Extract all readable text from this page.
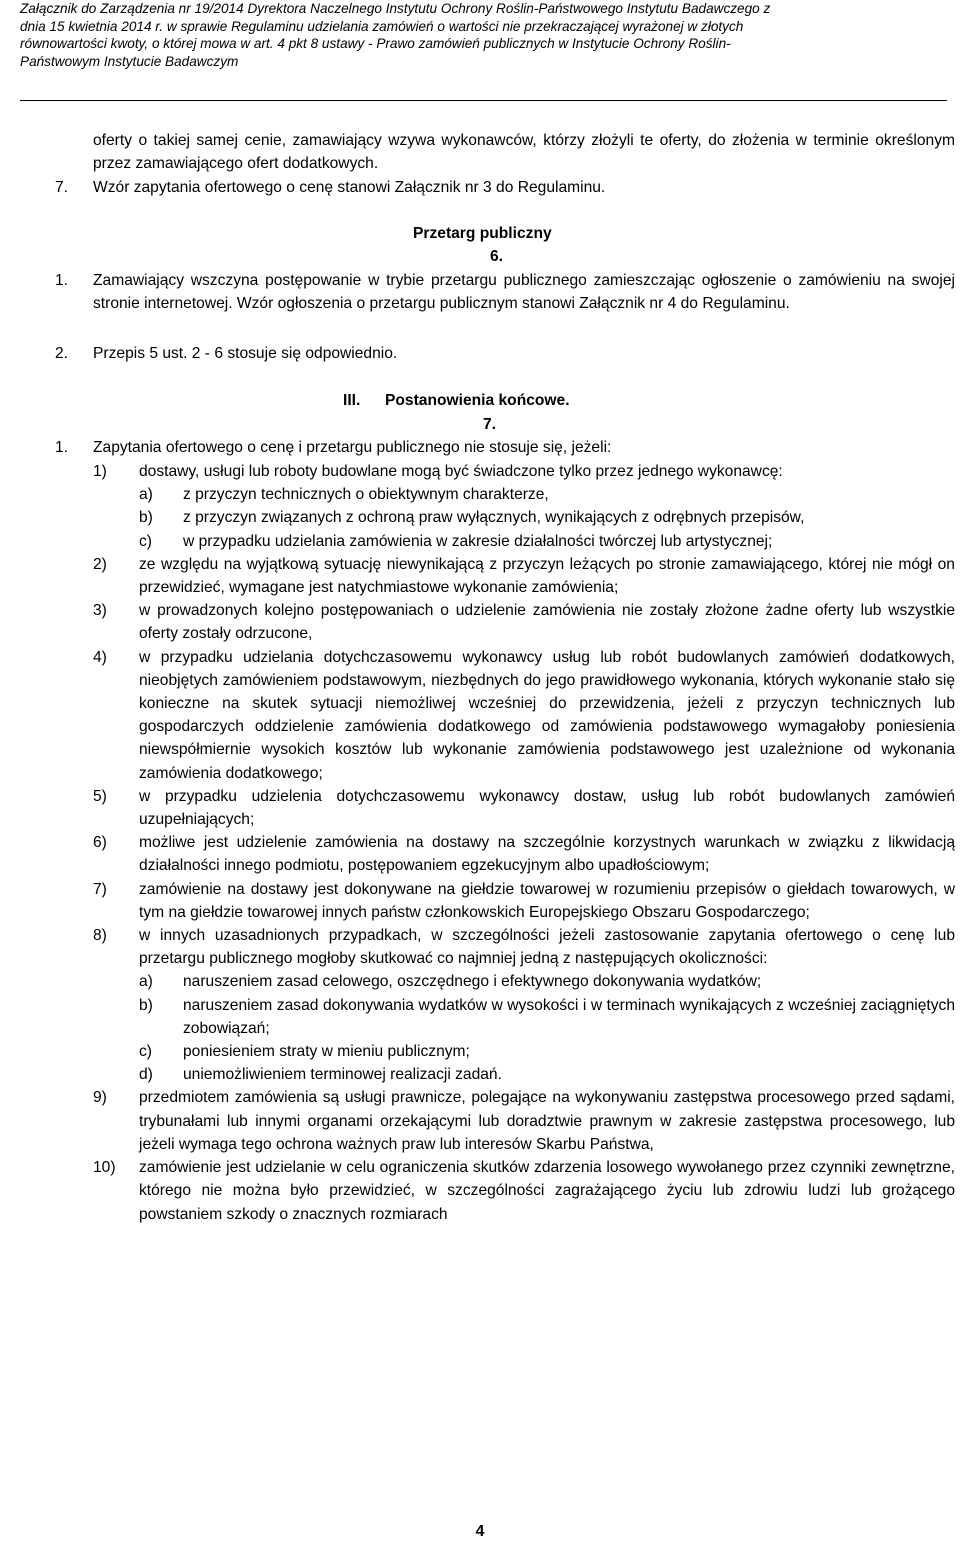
Załącznik do Zarządzenia nr 19/2014 Dyrektora Naczelnego Instytutu Ochrony Roślin-Państwowego Instytutu Badawczego z
dnia 15 kwietnia 2014 r. w sprawie Regulaminu udzielania zamówień o wartości nie przekraczającej wyrażonej w złotych
równowartości kwoty, o której mowa w art. 4 pkt 8 ustawy - Prawo zamówień publicznych w Instytucie Ochrony Roślin-
Państwowym Instytucie Badawczym

oferty o takiej samej cenie, zamawiający wzywa wykonawców, którzy złożyli te oferty, do złożenia w terminie określonym przez zamawiającego ofert dodatkowych.

7. Wzór zapytania ofertowego o cenę stanowi Załącznik nr 3 do Regulaminu.

Przetarg publiczny
6.
1. Zamawiający wszczyna postępowanie w trybie przetargu publicznego zamieszczając ogłoszenie o zamówieniu na swojej stronie internetowej. Wzór ogłoszenia o przetargu publicznym stanowi Załącznik nr 4 do Regulaminu.

2. Przepis 5 ust. 2 - 6 stosuje się odpowiednio.

III. Postanowienia końcowe.
7.
1. Zapytania ofertowego o cenę i przetargu publicznego nie stosuje się, jeżeli:

1) dostawy, usługi lub roboty budowlane mogą być świadczone tylko przez jednego wykonawcę:
a) z przyczyn technicznych o obiektywnym charakterze,
b) z przyczyn związanych z ochroną praw wyłącznych, wynikających z odrębnych przepisów,
c) w przypadku udzielania zamówienia w zakresie działalności twórczej lub artystycznej;
2) ze względu na wyjątkową sytuację niewynikającą z przyczyn leżących po stronie zamawiającego, której nie mógł on przewidzieć, wymagane jest natychmiastowe wykonanie zamówienia;
3) w prowadzonych kolejno postępowaniach o udzielenie zamówienia nie zostały złożone żadne oferty lub wszystkie oferty zostały odrzucone,
4) w przypadku udzielania dotychczasowemu wykonawcy usług lub robót budowlanych zamówień dodatkowych, nieobjętych zamówieniem podstawowym, niezbędnych do jego prawidłowego wykonania, których wykonanie stało się konieczne na skutek sytuacji niemożliwej wcześniej do przewidzenia, jeżeli z przyczyn technicznych lub gospodarczych oddzielenie zamówienia dodatkowego od zamówienia podstawowego wymagałoby poniesienia niewspółmiernie wysokich kosztów lub wykonanie zamówienia podstawowego jest uzależnione od wykonania zamówienia dodatkowego;
5) w przypadku udzielenia dotychczasowemu wykonawcy dostaw, usług lub robót budowlanych zamówień uzupełniających;
6) możliwe jest udzielenie zamówienia na dostawy na szczególnie korzystnych warunkach w związku z likwidacją działalności innego podmiotu, postępowaniem egzekucyjnym albo upadłościowym;
7) zamówienie na dostawy jest dokonywane na giełdzie towarowej w rozumieniu przepisów o giełdach towarowych, w tym na giełdzie towarowej innych państw członkowskich Europejskiego Obszaru Gospodarczego;
8) w innych uzasadnionych przypadkach, w szczególności jeżeli zastosowanie zapytania ofertowego o cenę lub przetargu publicznego mogłoby skutkować co najmniej jedną z następujących okoliczności:
a) naruszeniem zasad celowego, oszczędnego i efektywnego dokonywania wydatków;
b) naruszeniem zasad dokonywania wydatków w wysokości i w terminach wynikających z wcześniej zaciągniętych zobowiązań;
c) poniesieniem straty w mieniu publicznym;
d) uniemożliwieniem terminowej realizacji zadań.
9) przedmiotem zamówienia są usługi prawnicze, polegające na wykonywaniu zastępstwa procesowego przed sądami, trybunałami lub innymi organami orzekającymi lub doradztwie prawnym w zakresie zastępstwa procesowego, lub jeżeli wymaga tego ochrona ważnych praw lub interesów Skarbu Państwa,
10) zamówienie jest udzielanie w celu ograniczenia skutków zdarzenia losowego wywołanego przez czynniki zewnętrzne, którego nie można było przewidzieć, w szczególności zagrażającego życiu lub zdrowiu ludzi lub grożącego powstaniem szkody o znacznych rozmiarach
4
